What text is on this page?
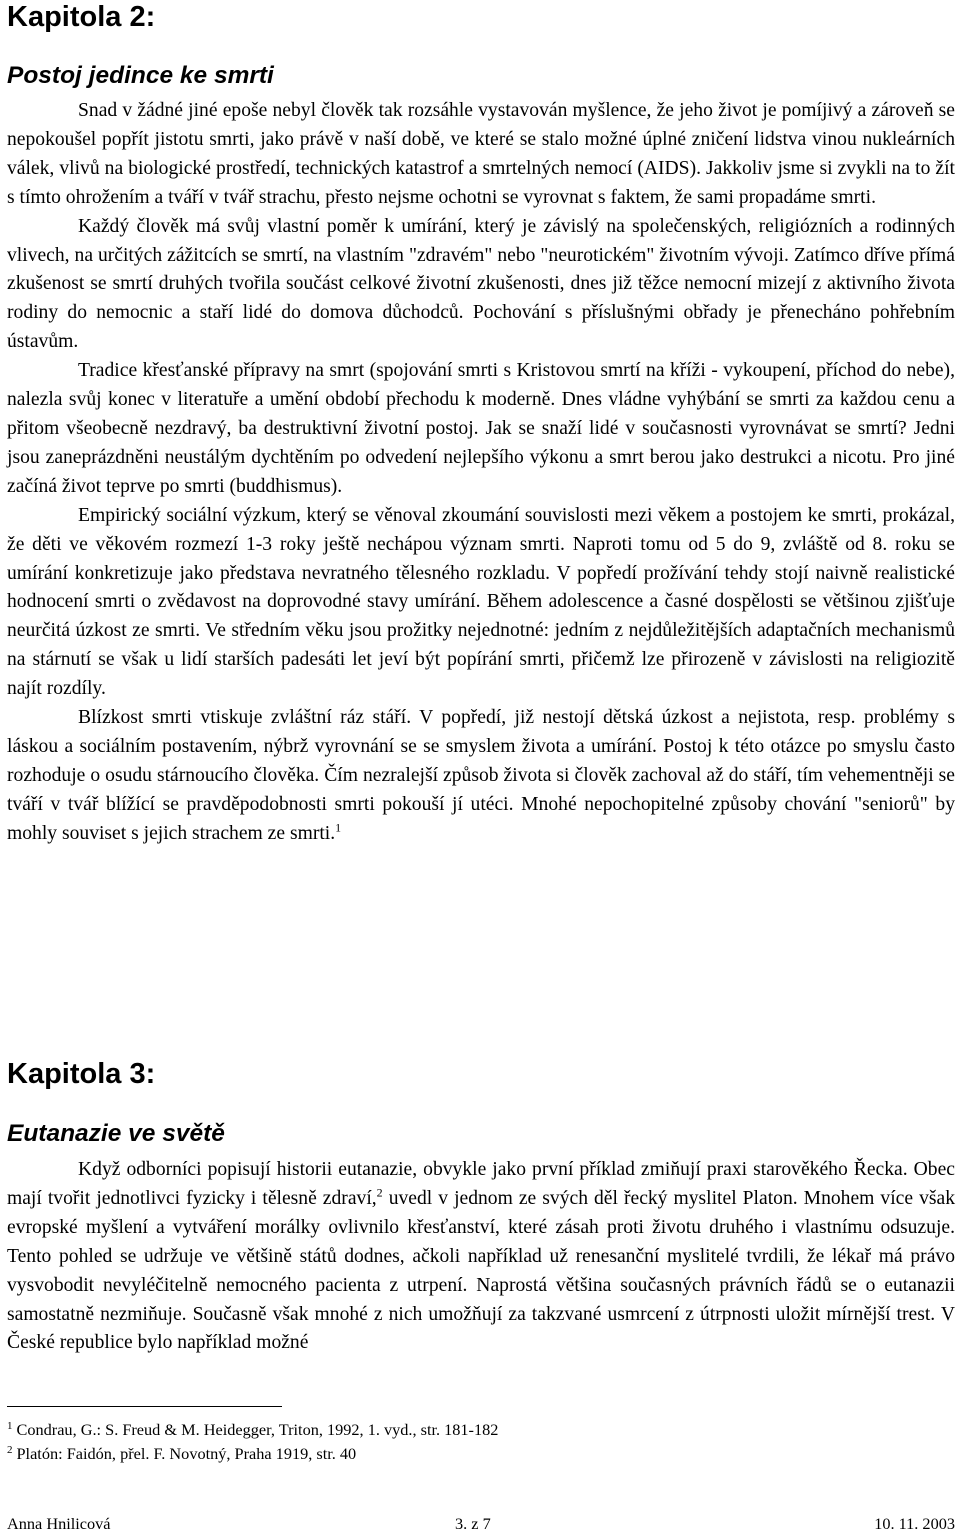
Kapitola 2:
Postoj jedince ke smrti

Snad v žádné jiné epoše nebyl člověk tak rozsáhle vystavován myšlence, že jeho život je pomíjivý a zároveň se nepokoušel popřít jistotu smrti, jako právě v naší době, ve které se stalo možné úplné zničení lidstva vinou nukleárních válek, vlivů na biologické prostředí, technických katastrof a smrtelných nemocí (AIDS). Jakkoliv jsme si zvykli na to žít s tímto ohrožením a tváří v tvář strachu, přesto nejsme ochotni se vyrovnat s faktem, že sami propadáme smrti.

Každý člověk má svůj vlastní poměr k umírání, který je závislý na společenských, religiózních a rodinných vlivech, na určitých zážitcích se smrtí, na vlastním "zdravém" nebo "neurotickém" životním vývoji. Zatímco dříve přímá zkušenost se smrtí druhých tvořila součást celkové životní zkušenosti, dnes již těžce nemocní mizejí z aktivního života rodiny do nemocnic a staří lidé do domova důchodců. Pochování s příslušnými obřady je přenecháno pohřebním ústavům.

Tradice křesťanské přípravy na smrt (spojování smrti s Kristovou smrtí na kříži - vykoupení, příchod do nebe), nalezla svůj konec v literatuře a umění období přechodu k moderně. Dnes vládne vyhýbání se smrti za každou cenu a přitom všeobecně nezdravý, ba destruktivní životní postoj. Jak se snaží lidé v současnosti vyrovnávat se smrtí? Jedni jsou zaneprázdněni neustálým dychtěním po odvedení nejlepšího výkonu a smrt berou jako destrukci a nicotu. Pro jiné začíná život teprve po smrti (buddhismus).

Empirický sociální výzkum, který se věnoval zkoumání souvislosti mezi věkem a postojem ke smrti, prokázal, že děti ve věkovém rozmezí 1-3 roky ještě nechápou význam smrti. Naproti tomu od 5 do 9, zvláště od 8. roku se umírání konkretizuje jako představa nevratného tělesného rozkladu. V popředí prožívání tehdy stojí naivně realistické hodnocení smrti o zvědavost na doprovodné stavy umírání. Během adolescence a časné dospělosti se většinou zjišťuje neurčitá úzkost ze smrti. Ve středním věku jsou prožitky nejednotné: jedním z nejdůležitějších adaptačních mechanismů na stárnutí se však u lidí starších padesáti let jeví být popírání smrti, přičemž lze přirozeně v závislosti na religiozitě najít rozdíly.

Blízkost smrti vtiskuje zvláštní ráz stáří. V popředí, již nestojí dětská úzkost a nejistota, resp. problémy s láskou a sociálním postavením, nýbrž vyrovnání se se smyslem života a umírání. Postoj k této otázce po smyslu často rozhoduje o osudu stárnoucího člověka. Čím nezralejší způsob života si člověk zachoval až do stáří, tím vehementněji se tváří v tvář blížící se pravděpodobnosti smrti pokouší jí utéci. Mnohé nepochopitelné způsoby chování "seniorů" by mohly souviset s jejich strachem ze smrti.$^1$

Kapitola 3:
Eutanazie ve světě

Když odborníci popisují historii eutanazie, obvykle jako první příklad zmiňují praxi starověkého Řecka. Obec mají tvořit jednotlivci fyzicky i tělesně zdraví,$^2$ uvedl v jednom ze svých děl řecký myslitel Platon. Mnohem více však evropské myšlení a vytváření morálky ovlivnilo křesťanství, které zásah proti životu druhého i vlastnímu odsuzuje. Tento pohled se udržuje ve většině států dodnes, ačkoli například už renesanční myslitelé tvrdili, že lékař má právo vysvobodit nevyléčitelně nemocného pacienta z utrpení. Naprostá většina současných právních řádů se o eutanazii samostatně nezmiňuje. Současně však mnohé z nich umožňují za takzvané usmrcení z útrpnosti uložit mírnější trest. V České republice bylo například možné

$^1$ Condrau, G.: S. Freud & M. Heidegger, Triton, 1992, 1. vyd., str. 181-182

$^2$ Platón: Faidón, přel. F. Novotný, Praha 1919, str. 40

Anna Hnilicová	3. z 7	10. 11. 2003
